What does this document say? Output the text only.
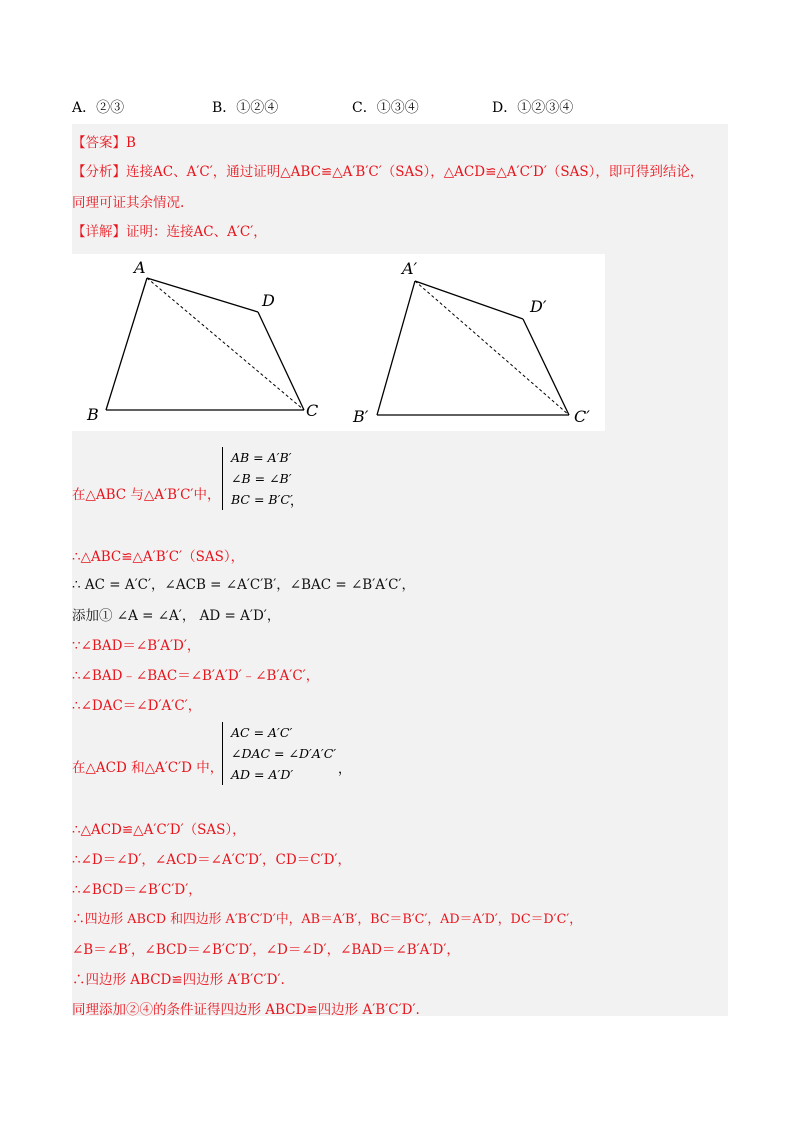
A．②③	B．①②④	C．①③④	D．①②③④
【答案】B
【分析】连接AC、A′C′，通过证明△ABC≌△A′B′C′（SAS），△ACD≌△A′C′D′（SAS），即可得到结论，
同理可证其余情况.
【详解】证明：连接AC、A′C′，
A
B	C
D
A′
B′	C′
D′
在△ABC 与△A′B′C′中，
AB = A′B′
∠B = ∠B′
BC = B′C′
，
∴△ABC≌△A′B′C′（SAS），
∴ AC = A′C′，∠ACB = ∠A′C′B′，∠BAC = ∠B′A′C′，
添加① ∠A = ∠A′， AD = A′D′，
∵∠BAD＝∠B′A′D′，
∴∠BAD﹣∠BAC＝∠B′A′D′﹣∠B′A′C′，
∴∠DAC＝∠D′A′C′，
在△ACD 和△A′C′D 中，
AC = A′C′
∠DAC = ∠D′A′C′
AD = A′D′	，
∴△ACD≌△A′C′D′（SAS），
∴∠D＝∠D′，∠ACD＝∠A′C′D′，CD＝C′D′，
∴∠BCD＝∠B′C′D′，
∴四边形 ABCD 和四边形 A′B′C′D′中，AB＝A′B′，BC＝B′C′，AD＝A′D′，DC＝D′C′，
∠B＝∠B′，∠BCD＝∠B′C′D′，∠D＝∠D′，∠BAD＝∠B′A′D′，
∴四边形 ABCD≌四边形 A′B′C′D′.
同理添加②④的条件证得四边形 ABCD≌四边形 A′B′C′D′.
